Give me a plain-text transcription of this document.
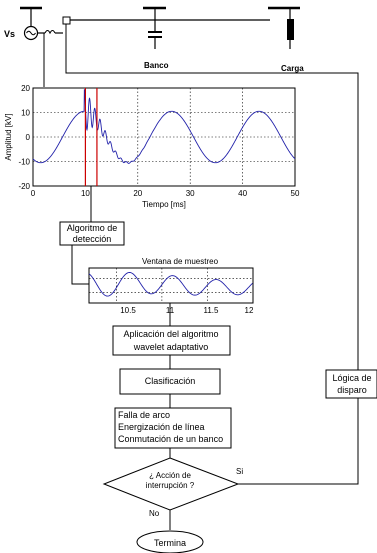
Vs
Banco	Carga
0	10	20	30	40	50
20
10
0
-10
-20
Tiempo [ms]
Amplitud [kV]
Algoritmo de
detección
Ventana de muestreo
10.5	11	11.5	12
Aplicación del algoritmo
wavelet adaptativo
Clasificación
Falla de arco
Energización de línea
Conmutación de un banco
¿ Acción de
interrupción ?
Si
Lógica de
disparo
No
Termina
